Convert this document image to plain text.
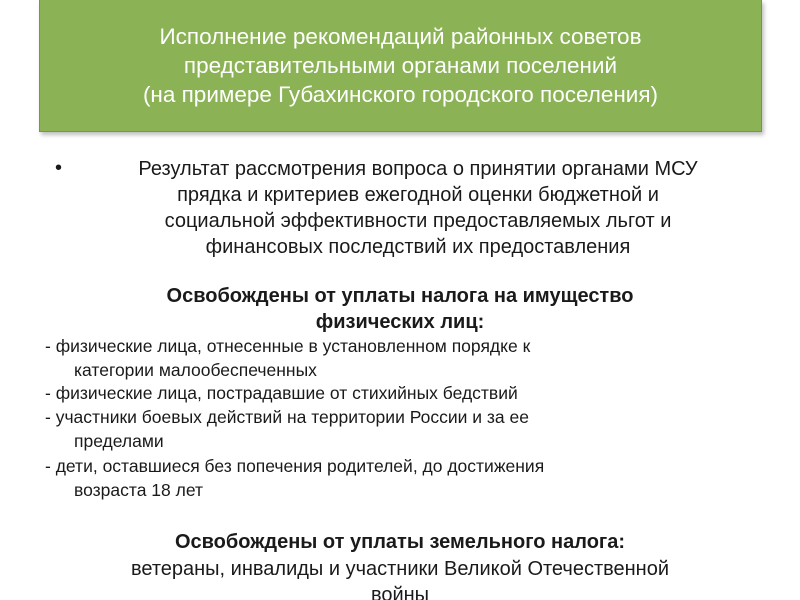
Исполнение рекомендаций районных советов
представительными органами поселений
(на примере Губахинского городского поселения)
•	Результат рассмотрения вопроса о принятии органами МСУ
прядка и критериев ежегодной оценки бюджетной и
социальной эффективности предоставляемых льгот и
финансовых последствий их предоставления
Освобождены от уплаты налога на имущество
физических лиц:
- физические лица, отнесенные в установленном порядке к
категории малообеспеченных
- физические лица, пострадавшие от стихийных бедствий
- участники боевых действий на территории России и за ее
пределами
- дети, оставшиеся без попечения родителей, до достижения
возраста 18 лет
Освобождены от уплаты земельного налога:
ветераны, инвалиды и участники Великой Отечественной
войны
